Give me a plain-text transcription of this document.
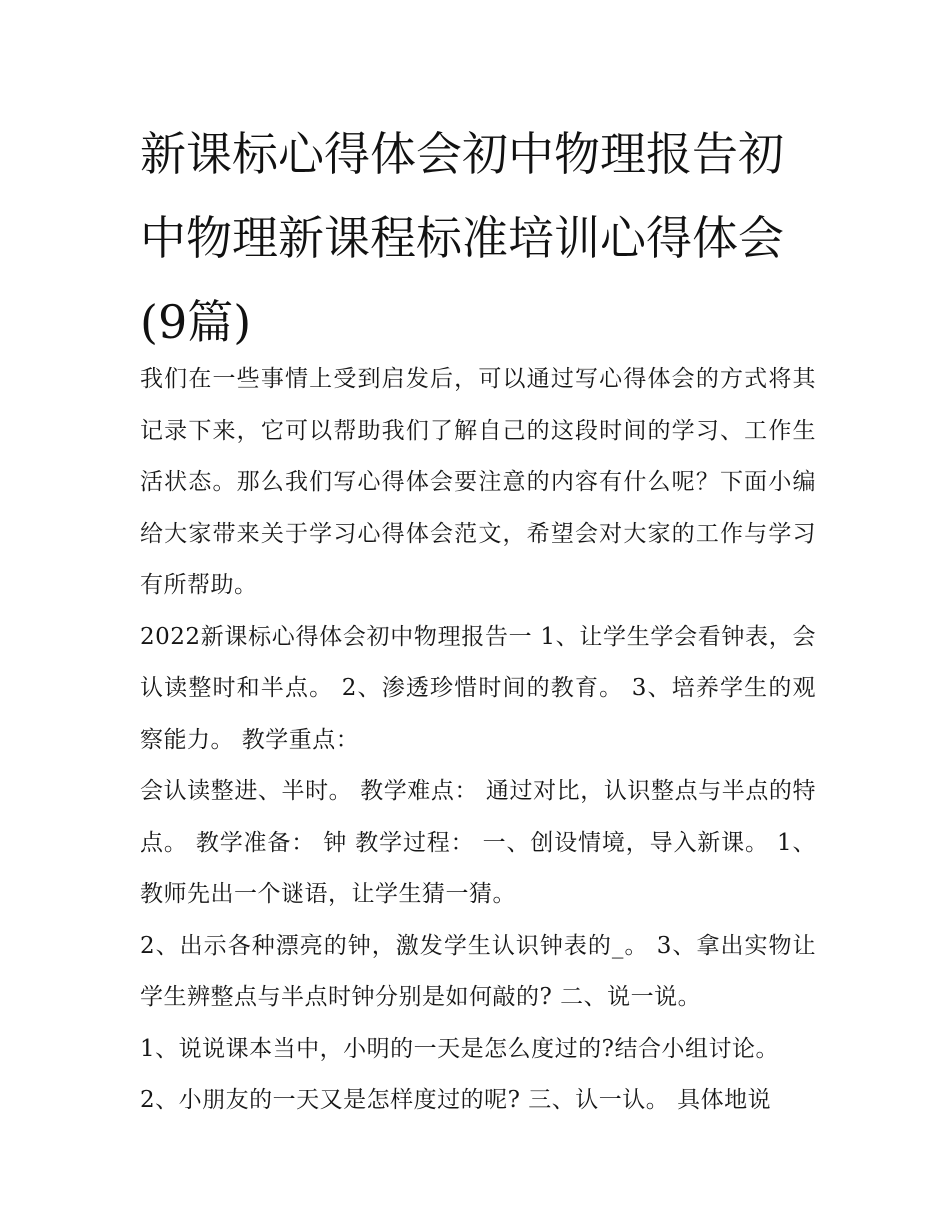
新课标心得体会初中物理报告初中物理新课程标准培训心得体会(9篇)

我们在一些事情上受到启发后，可以通过写心得体会的方式将其记录下来，它可以帮助我们了解自己的这段时间的学习、工作生活状态。那么我们写心得体会要注意的内容有什么呢？下面小编给大家带来关于学习心得体会范文，希望会对大家的工作与学习有所帮助。

2022新课标心得体会初中物理报告一 1、让学生学会看钟表，会认读整时和半点。 2、渗透珍惜时间的教育。 3、培养学生的观察能力。 教学重点：

会认读整进、半时。 教学难点： 通过对比，认识整点与半点的特点。 教学准备： 钟 教学过程： 一、创设情境，导入新课。 1、教师先出一个谜语，让学生猜一猜。

2、出示各种漂亮的钟，激发学生认识钟表的_。 3、拿出实物让学生辨整点与半点时钟分别是如何敲的? 二、说一说。

1、说说课本当中，小明的一天是怎么度过的?结合小组讨论。

2、小朋友的一天又是怎样度过的呢? 三、认一认。 具体地说
